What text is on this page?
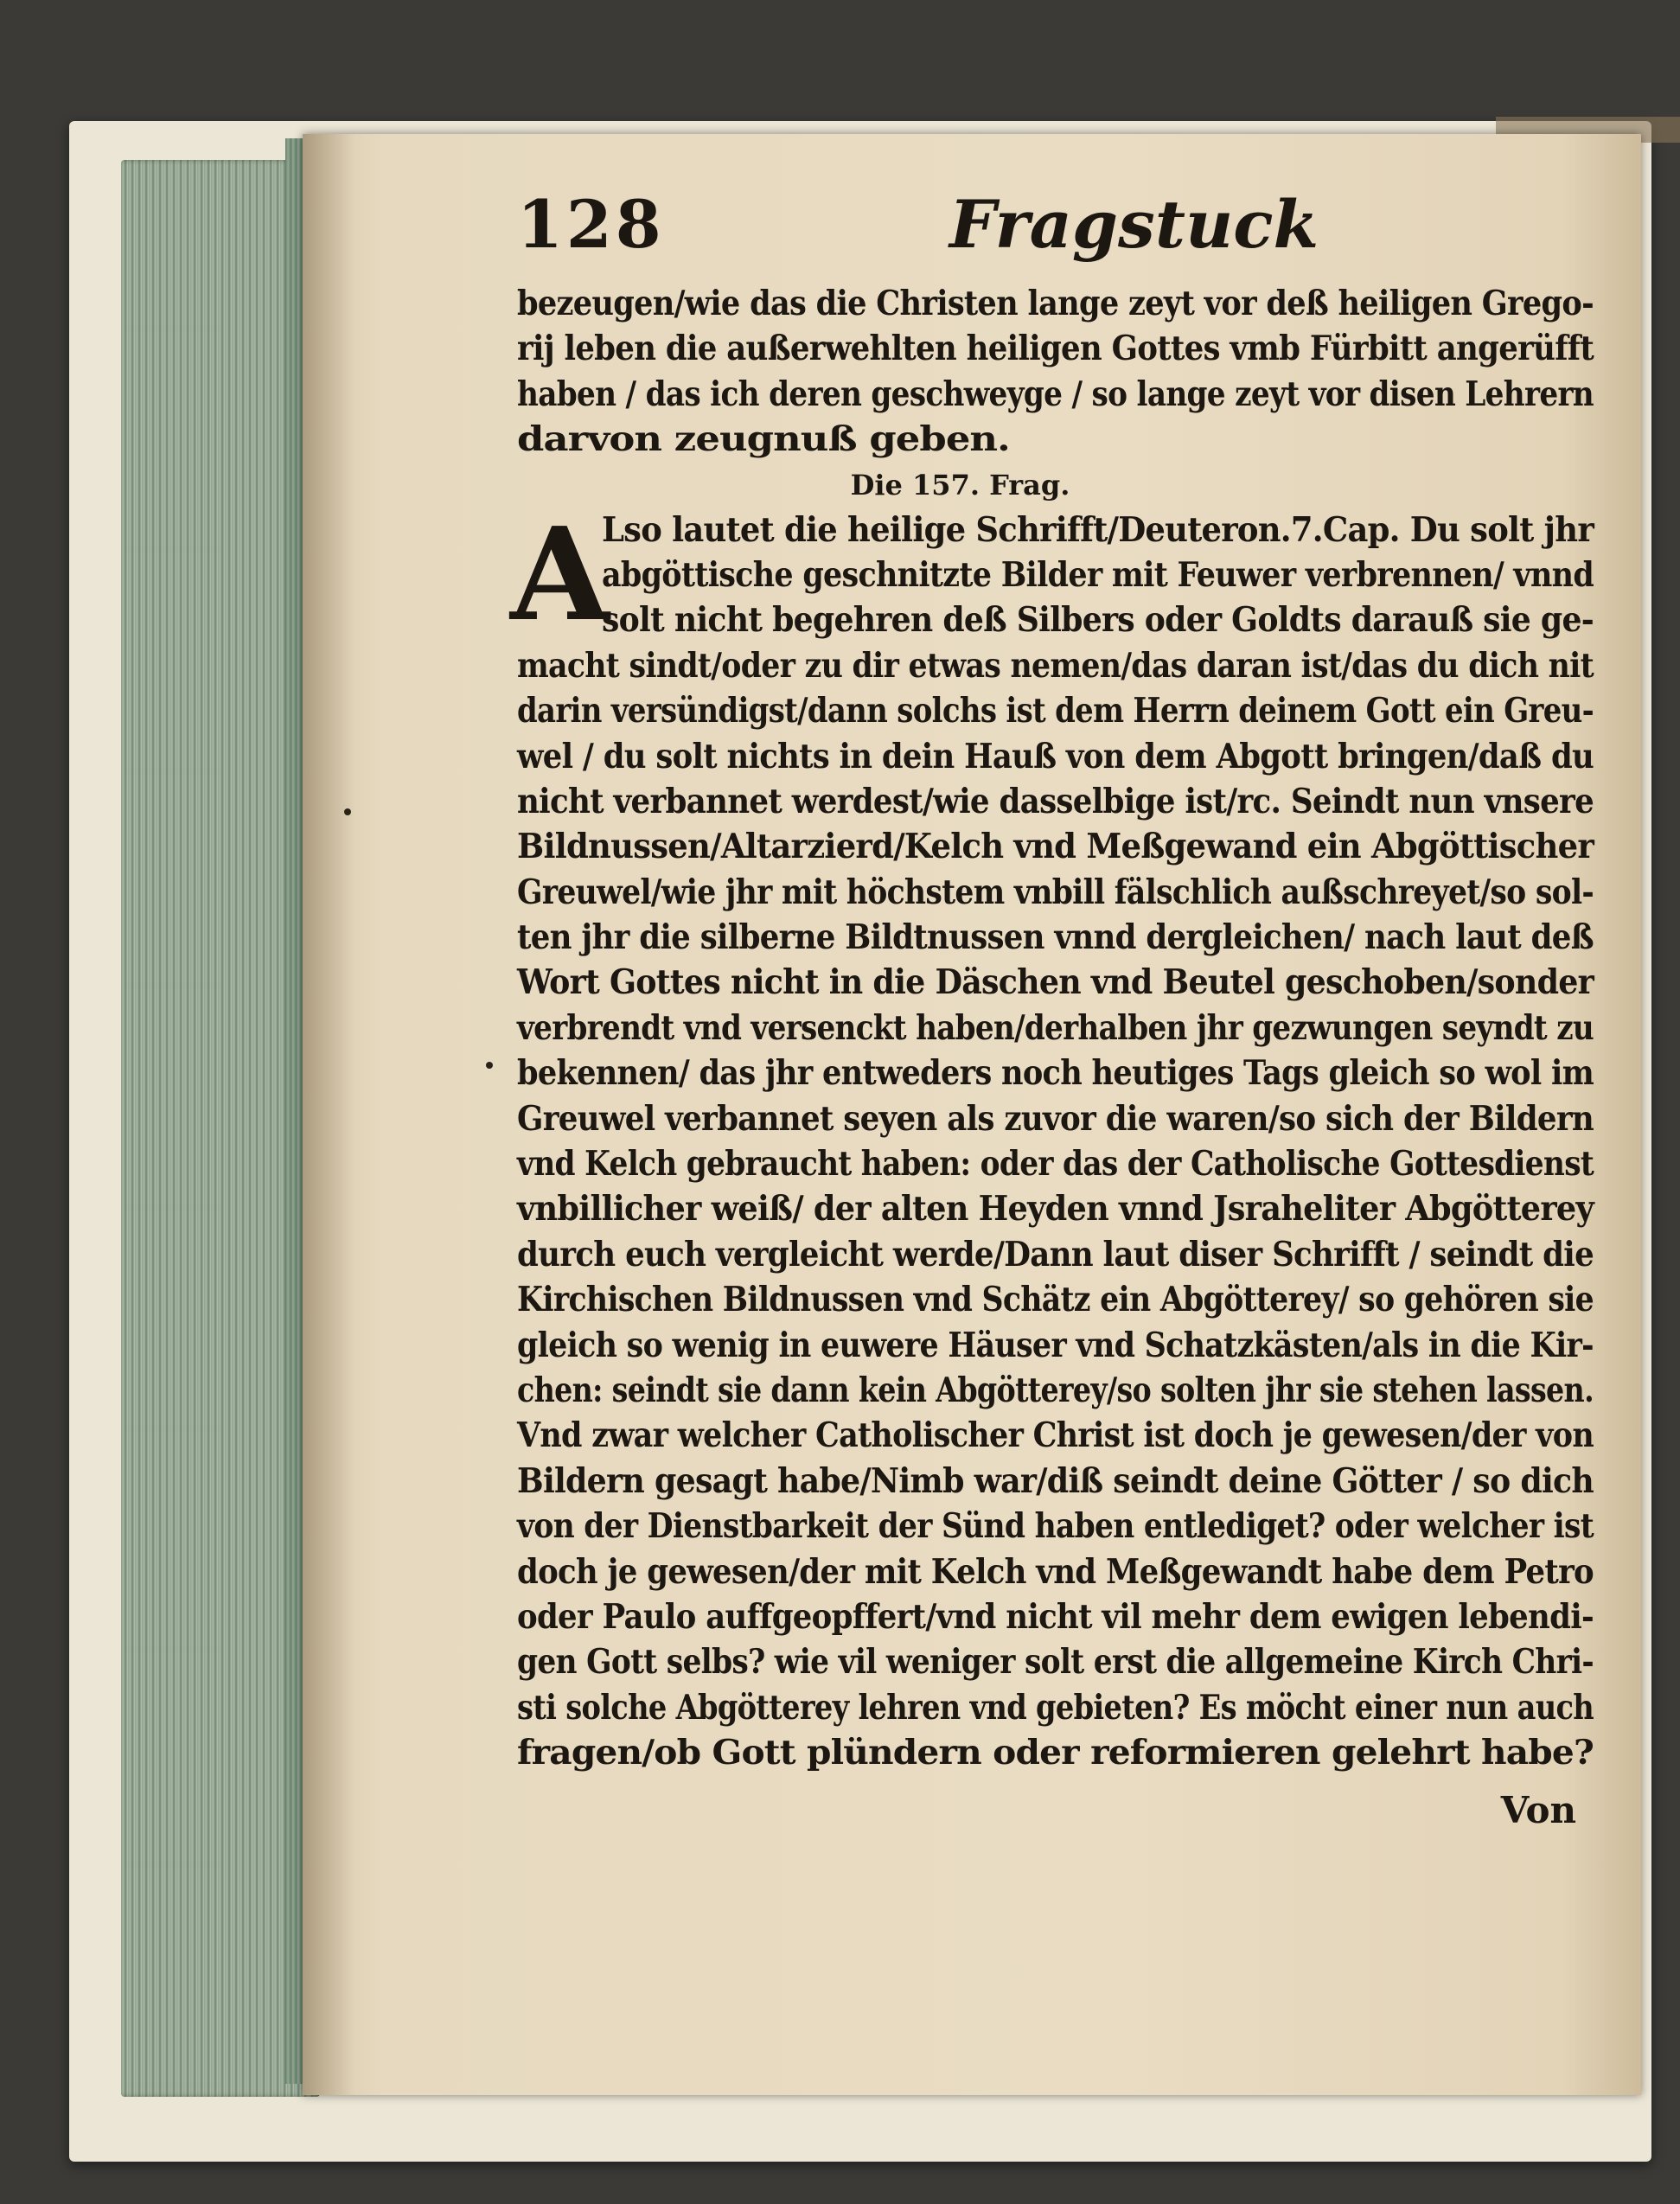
128	Fragstuck
bezeugen/wie das die Christen lange zeyt vor deß heiligen Grego-
rij leben die außerwehlten heiligen Gottes vmb Fürbitt angerüfft
haben / das ich deren geschweyge / so lange zeyt vor disen Lehrern
darvon zeugnuß geben.
Die 157. Frag.
A
Lso lautet die heilige Schrifft/Deuteron.7.Cap. Du solt jhr
abgöttische geschnitzte Bilder mit Feuwer verbrennen/ vnnd
solt nicht begehren deß Silbers oder Goldts darauß sie ge-
macht sindt/oder zu dir etwas nemen/das daran ist/das du dich nit
darin versündigst/dann solchs ist dem Herrn deinem Gott ein Greu-
wel / du solt nichts in dein Hauß von dem Abgott bringen/daß du
nicht verbannet werdest/wie dasselbige ist/rc. Seindt nun vnsere
Bildnussen/Altarzierd/Kelch vnd Meßgewand ein Abgöttischer
Greuwel/wie jhr mit höchstem vnbill fälschlich außschreyet/so sol-
ten jhr die silberne Bildtnussen vnnd dergleichen/ nach laut deß
Wort Gottes nicht in die Däschen vnd Beutel geschoben/sonder
verbrendt vnd versenckt haben/derhalben jhr gezwungen seyndt zu
bekennen/ das jhr entweders noch heutiges Tags gleich so wol im
Greuwel verbannet seyen als zuvor die waren/so sich der Bildern
vnd Kelch gebraucht haben: oder das der Catholische Gottesdienst
vnbillicher weiß/ der alten Heyden vnnd Jsraheliter Abgötterey
durch euch vergleicht werde/Dann laut diser Schrifft / seindt die
Kirchischen Bildnussen vnd Schätz ein Abgötterey/ so gehören sie
gleich so wenig in euwere Häuser vnd Schatzkästen/als in die Kir-
chen: seindt sie dann kein Abgötterey/so solten jhr sie stehen lassen.
Vnd zwar welcher Catholischer Christ ist doch je gewesen/der von
Bildern gesagt habe/Nimb war/diß seindt deine Götter / so dich
von der Dienstbarkeit der Sünd haben entlediget? oder welcher ist
doch je gewesen/der mit Kelch vnd Meßgewandt habe dem Petro
oder Paulo auffgeopffert/vnd nicht vil mehr dem ewigen lebendi-
gen Gott selbs? wie vil weniger solt erst die allgemeine Kirch Chri-
sti solche Abgötterey lehren vnd gebieten? Es möcht einer nun auch
fragen/ob Gott plündern oder reformieren gelehrt habe?
Von
